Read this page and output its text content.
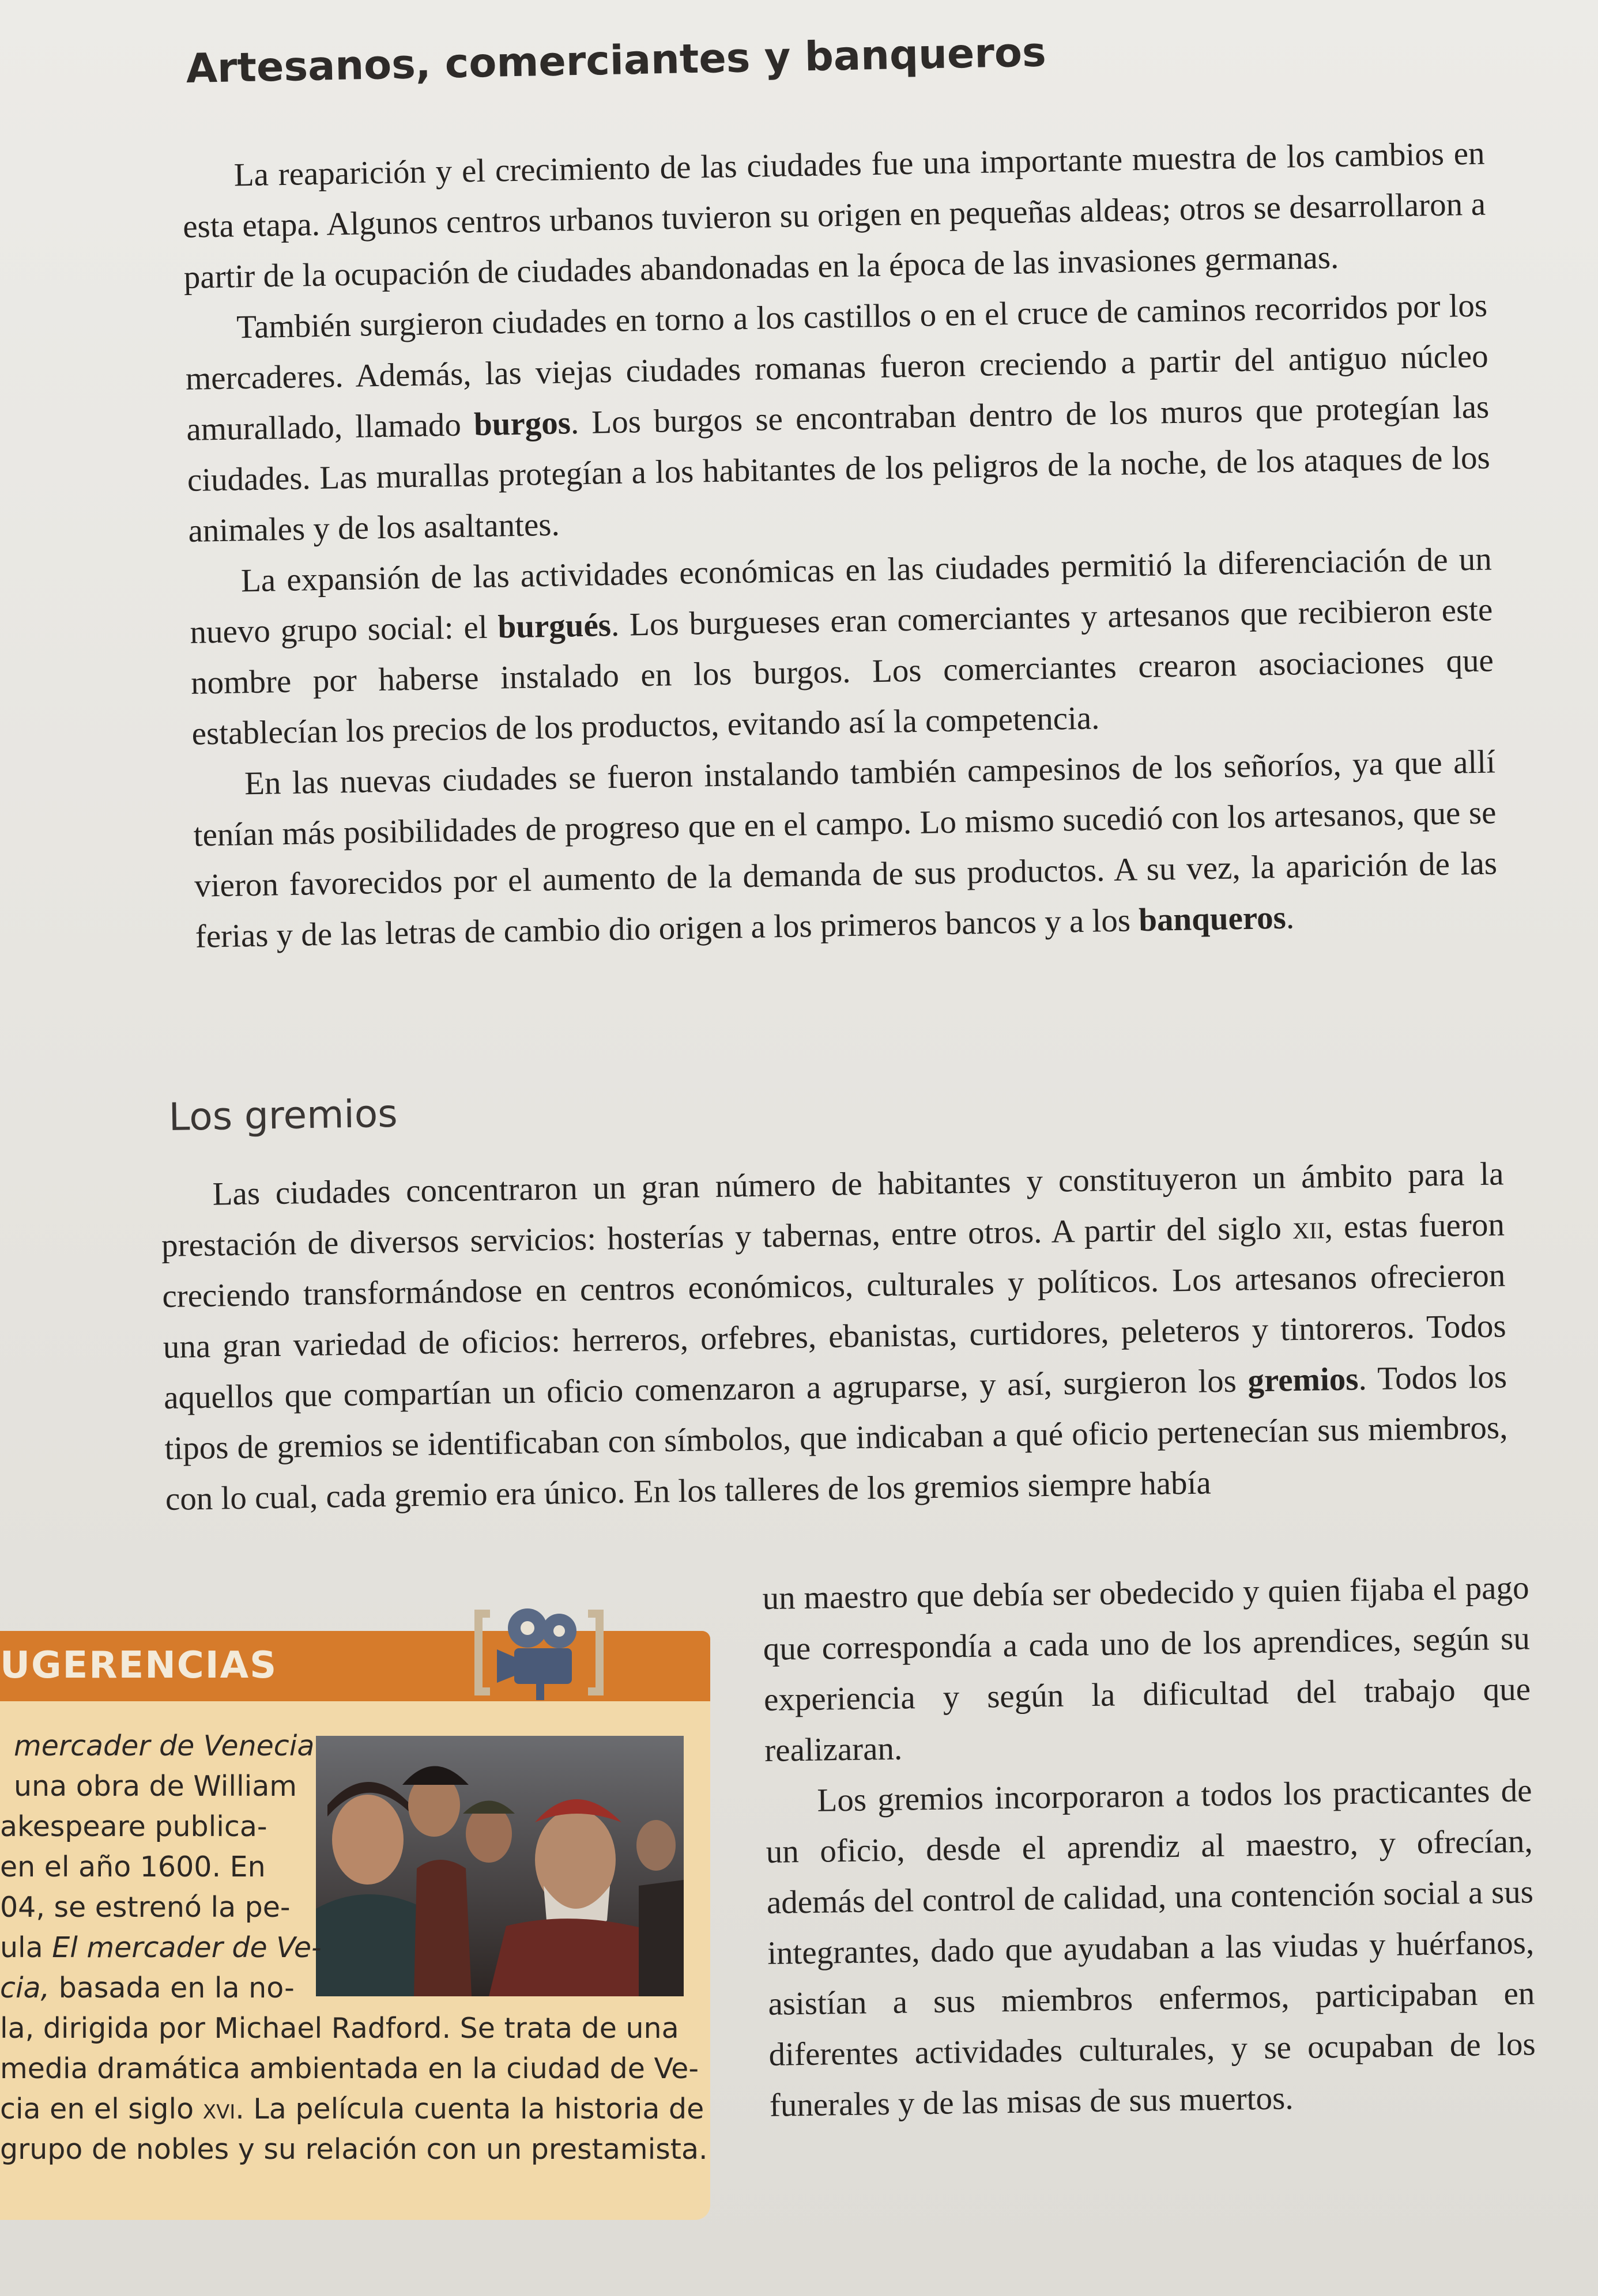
Artesanos, comerciantes y banqueros

La reaparición y el crecimiento de las ciudades fue una importante muestra de los cambios en esta etapa. Algunos centros urbanos tuvieron su origen en pequeñas aldeas; otros se desarrollaron a partir de la ocupación de ciudades abandonadas en la época de las invasiones germanas.

También surgieron ciudades en torno a los castillos o en el cruce de caminos recorridos por los mercaderes. Además, las viejas ciudades romanas fueron creciendo a partir del antiguo núcleo amurallado, llamado burgos. Los burgos se encontraban dentro de los muros que protegían las ciudades. Las murallas protegían a los habitantes de los peligros de la noche, de los ataques de los animales y de los asaltantes.

La expansión de las actividades económicas en las ciudades permitió la diferenciación de un nuevo grupo social: el burgués. Los burgueses eran comerciantes y artesanos que recibieron este nombre por haberse instalado en los burgos. Los comerciantes crearon asociaciones que establecían los precios de los productos, evitando así la competencia.

En las nuevas ciudades se fueron instalando también campesinos de los señoríos, ya que allí tenían más posibilidades de progreso que en el campo. Lo mismo sucedió con los artesanos, que se vieron favorecidos por el aumento de la demanda de sus productos. A su vez, la aparición de las ferias y de las letras de cambio dio origen a los primeros bancos y a los banqueros.

Los gremios

Las ciudades concentraron un gran número de habitantes y constituyeron un ámbito para la prestación de diversos servicios: hosterías y tabernas, entre otros. A partir del siglo xii, estas fueron creciendo transformándose en centros económicos, culturales y políticos. Los artesanos ofrecieron una gran variedad de oficios: herreros, orfebres, ebanistas, curtidores, peleteros y tintoreros. Todos aquellos que compartían un oficio comenzaron a agruparse, y así, surgieron los gremios. Todos los tipos de gremios se identificaban con símbolos, que indicaban a qué oficio pertenecían sus miembros, con lo cual, cada gremio era único. En los talleres de los gremios siempre había

un maestro que debía ser obedecido y quien fijaba el pago que correspondía a cada uno de los aprendices, según su experiencia y según la dificultad del trabajo que realizaran.

Los gremios incorporaron a todos los practicantes de un oficio, desde el aprendiz al maestro, y ofrecían, además del control de calidad, una contención social a sus integrantes, dado que ayudaban a las viudas y huérfanos, asistían a sus miembros enfermos, participaban en diferentes actividades culturales, y se ocupaban de los funerales y de las misas de sus muertos.

UGERENCIAS
mercader de Venecia
una obra de William
akespeare publica-
en el año 1600. En
04, se estrenó la pe-
ula El mercader de Ve-
cia, basada en la no-
la, dirigida por Michael Radford. Se trata de una
media dramática ambientada en la ciudad de Ve-
cia en el siglo xvi. La película cuenta la historia de
grupo de nobles y su relación con un prestamista.
